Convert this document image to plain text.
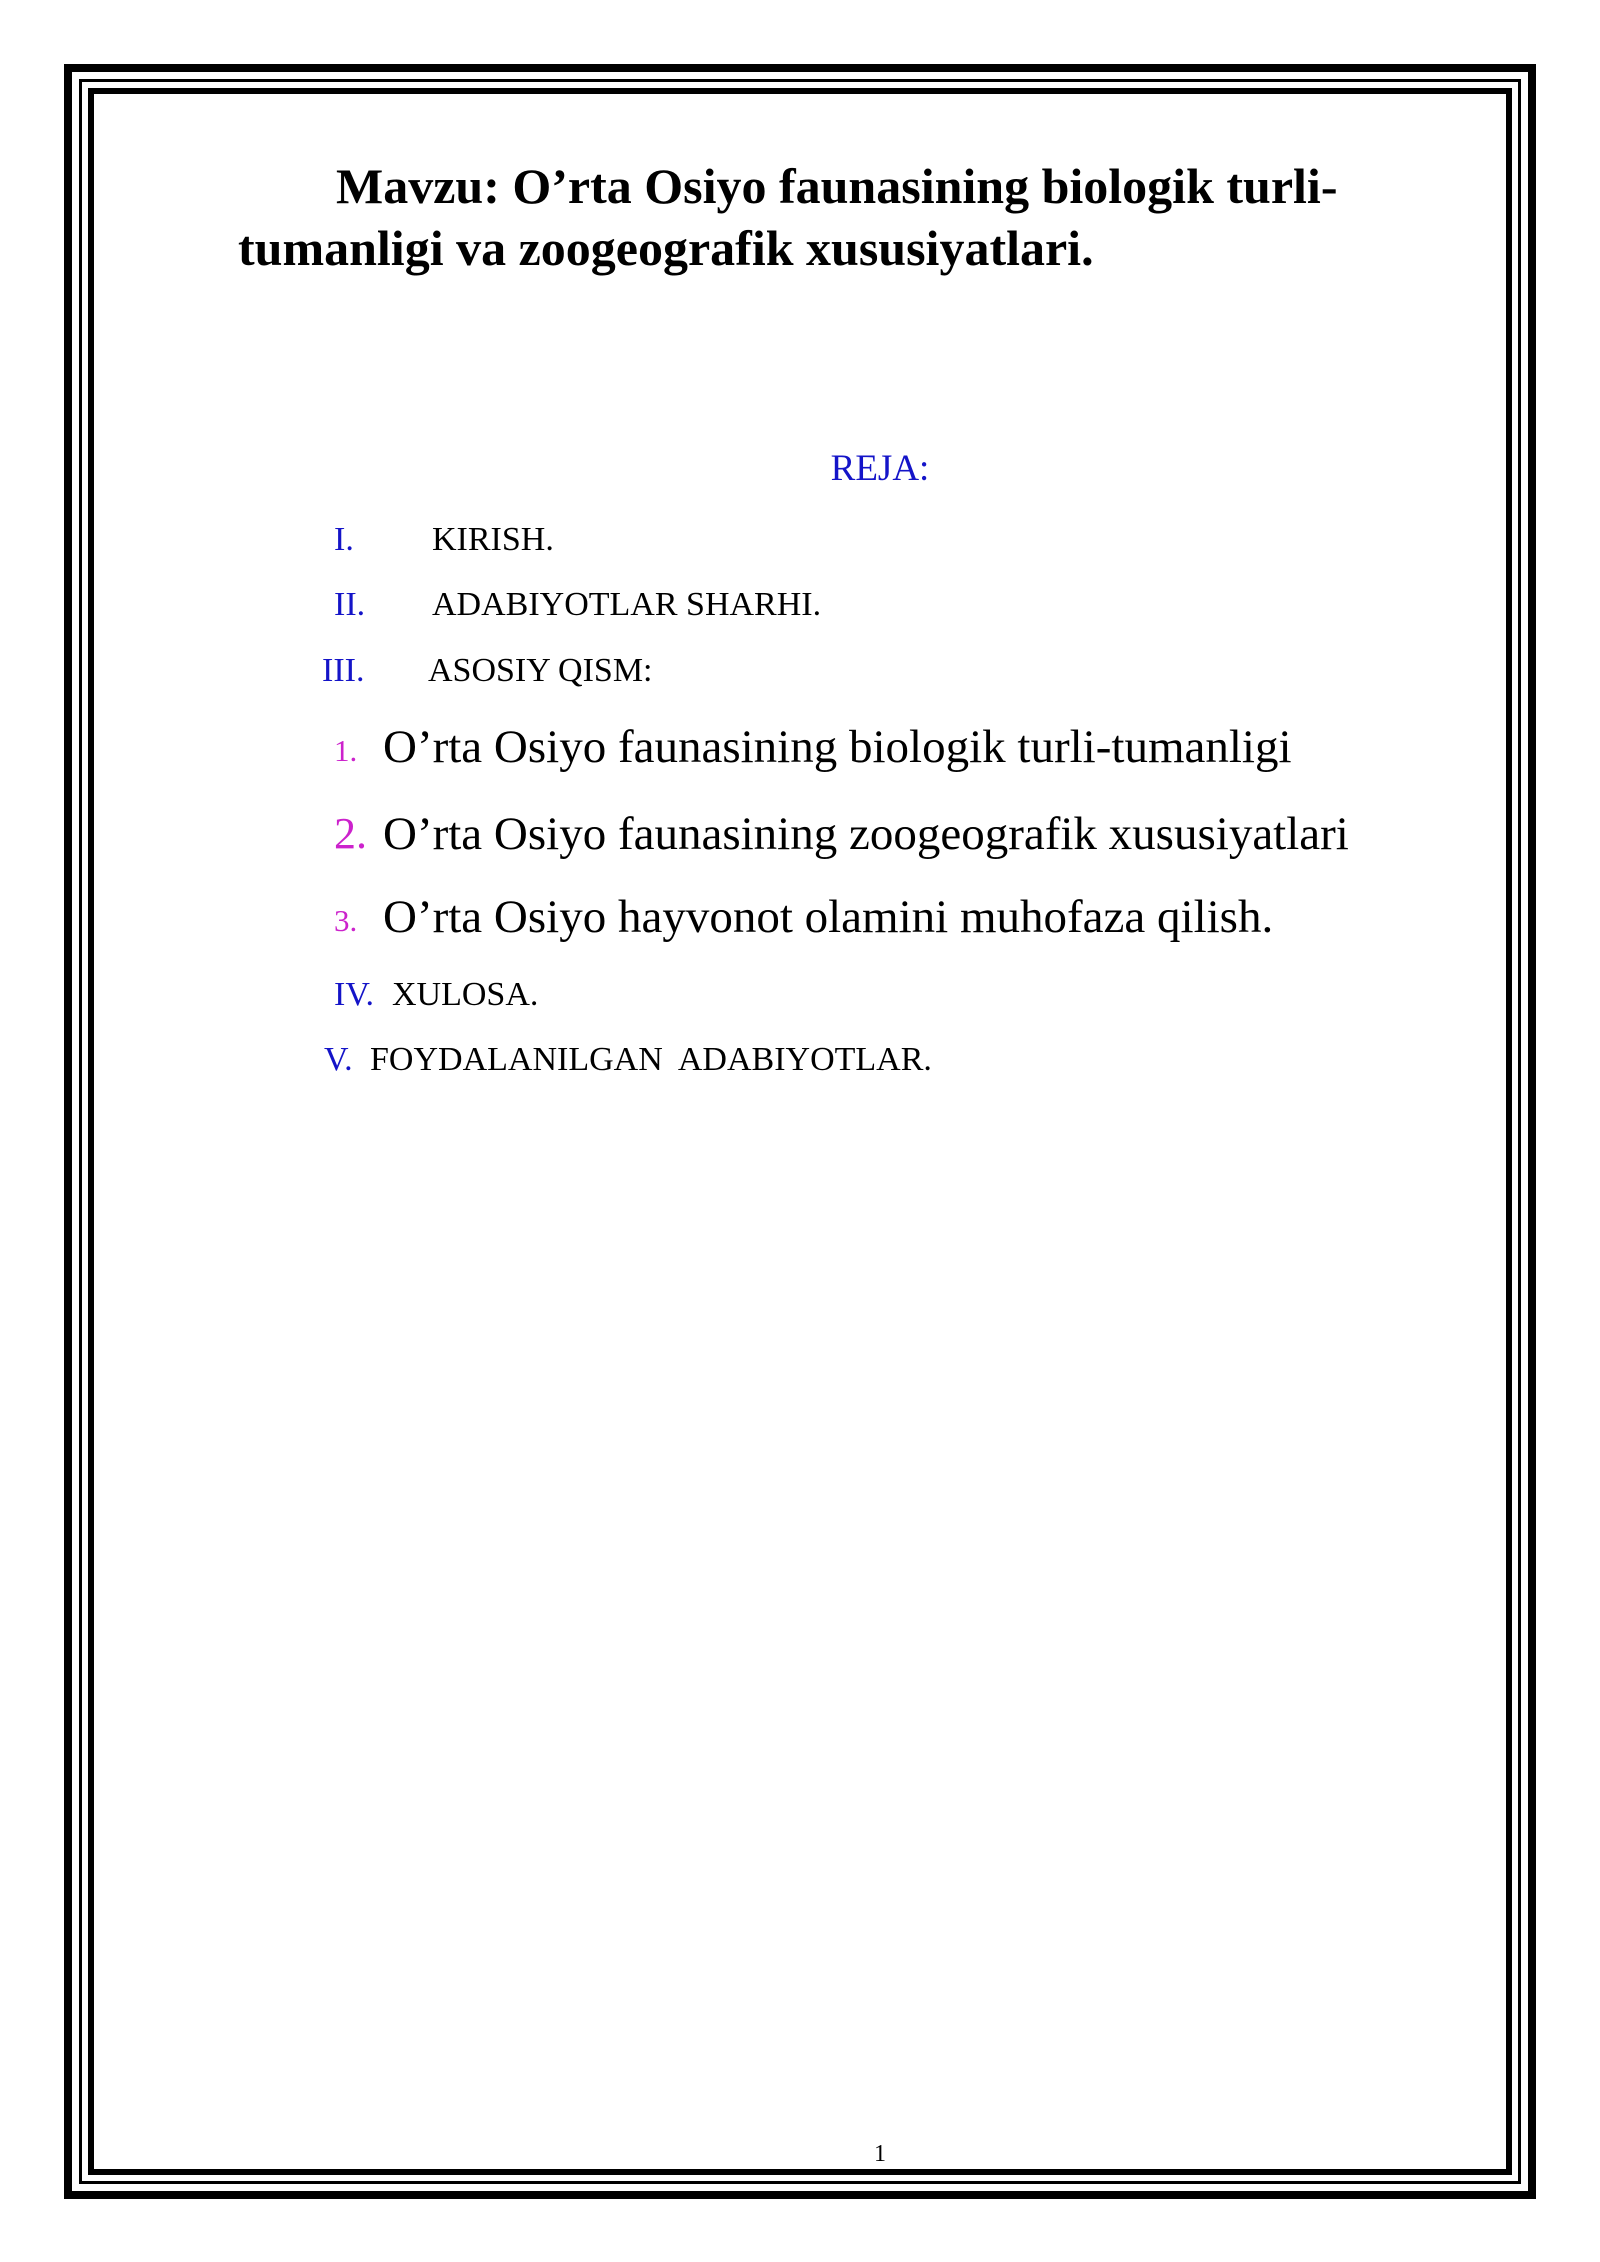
Mavzu: O’rta Osiyo faunasining biologik turli-tumanligi va zoogeografik xususiyatlari.
REJA:
I. KIRISH.
II. ADABIYOTLAR SHARHI.
III. ASOSIY QISM:
1. O’rta Osiyo faunasining biologik turli-tumanligi
2. O’rta Osiyo faunasining zoogeografik xususiyatlari
3. O’rta Osiyo hayvonot olamini muhofaza qilish.
IV. XULOSA.
V. FOYDALANILGAN  ADABIYOTLAR.
1
